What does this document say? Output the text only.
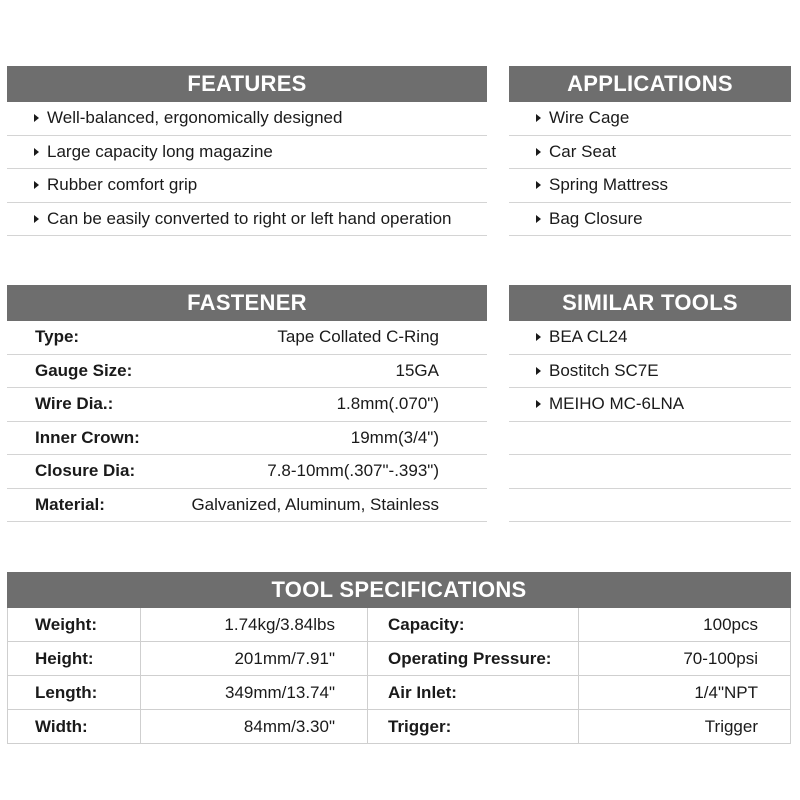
FEATURES
Well-balanced, ergonomically designed
Large capacity long magazine
Rubber comfort grip
Can be easily converted to right or left hand operation
APPLICATIONS
Wire Cage
Car Seat
Spring Mattress
Bag Closure
FASTENER
Type:	Tape Collated C-Ring
Gauge Size:	15GA
Wire Dia.:	1.8mm(.070")
Inner Crown:	19mm(3/4")
Closure Dia:	7.8-10mm(.307"-.393")
Material:	Galvanized, Aluminum, Stainless
SIMILAR TOOLS
BEA CL24
Bostitch SC7E
MEIHO MC-6LNA
TOOL SPECIFICATIONS
Weight:	1.74kg/3.84lbs	Capacity:	100pcs
Height:	201mm/7.91"	Operating Pressure:	70-100psi
Length:	349mm/13.74"	Air Inlet:	1/4"NPT
Width:	84mm/3.30"	Trigger:	Trigger
